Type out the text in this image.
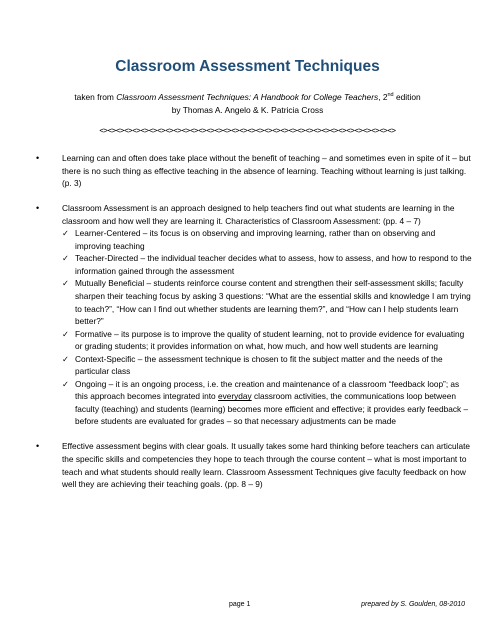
Classroom Assessment Techniques
taken from Classroom Assessment Techniques: A Handbook for College Teachers, 2nd edition
by Thomas A. Angelo & K. Patricia Cross
<><><><><><><><><><><><><><><><><><><><><><><><><><><><><><><><><><><><>
• Learning can and often does take place without the benefit of teaching – and sometimes even in spite of it – but there is no such thing as effective teaching in the absence of learning. Teaching without learning is just talking. (p. 3)
• Classroom Assessment is an approach designed to help teachers find out what students are learning in the classroom and how well they are learning it. Characteristics of Classroom Assessment: (pp. 4 – 7)
✓ Learner-Centered – its focus is on observing and improving learning, rather than on observing and improving teaching
✓ Teacher-Directed – the individual teacher decides what to assess, how to assess, and how to respond to the information gained through the assessment
✓ Mutually Beneficial – students reinforce course content and strengthen their self-assessment skills; faculty sharpen their teaching focus by asking 3 questions: “What are the essential skills and knowledge I am trying to teach?”, “How can I find out whether students are learning them?”, and “How can I help students learn better?”
✓ Formative – its purpose is to improve the quality of student learning, not to provide evidence for evaluating or grading students; it provides information on what, how much, and how well students are learning
✓ Context-Specific – the assessment technique is chosen to fit the subject matter and the needs of the particular class
✓ Ongoing – it is an ongoing process, i.e. the creation and maintenance of a classroom “feedback loop”; as this approach becomes integrated into everyday classroom activities, the communications loop between faculty (teaching) and students (learning) becomes more efficient and effective; it provides early feedback – before students are evaluated for grades – so that necessary adjustments can be made
• Effective assessment begins with clear goals. It usually takes some hard thinking before teachers can articulate the specific skills and competencies they hope to teach through the course content – what is most important to teach and what students should really learn. Classroom Assessment Techniques give faculty feedback on how well they are achieving their teaching goals. (pp. 8 – 9)
page 1	prepared by S. Goulden, 08-2010
